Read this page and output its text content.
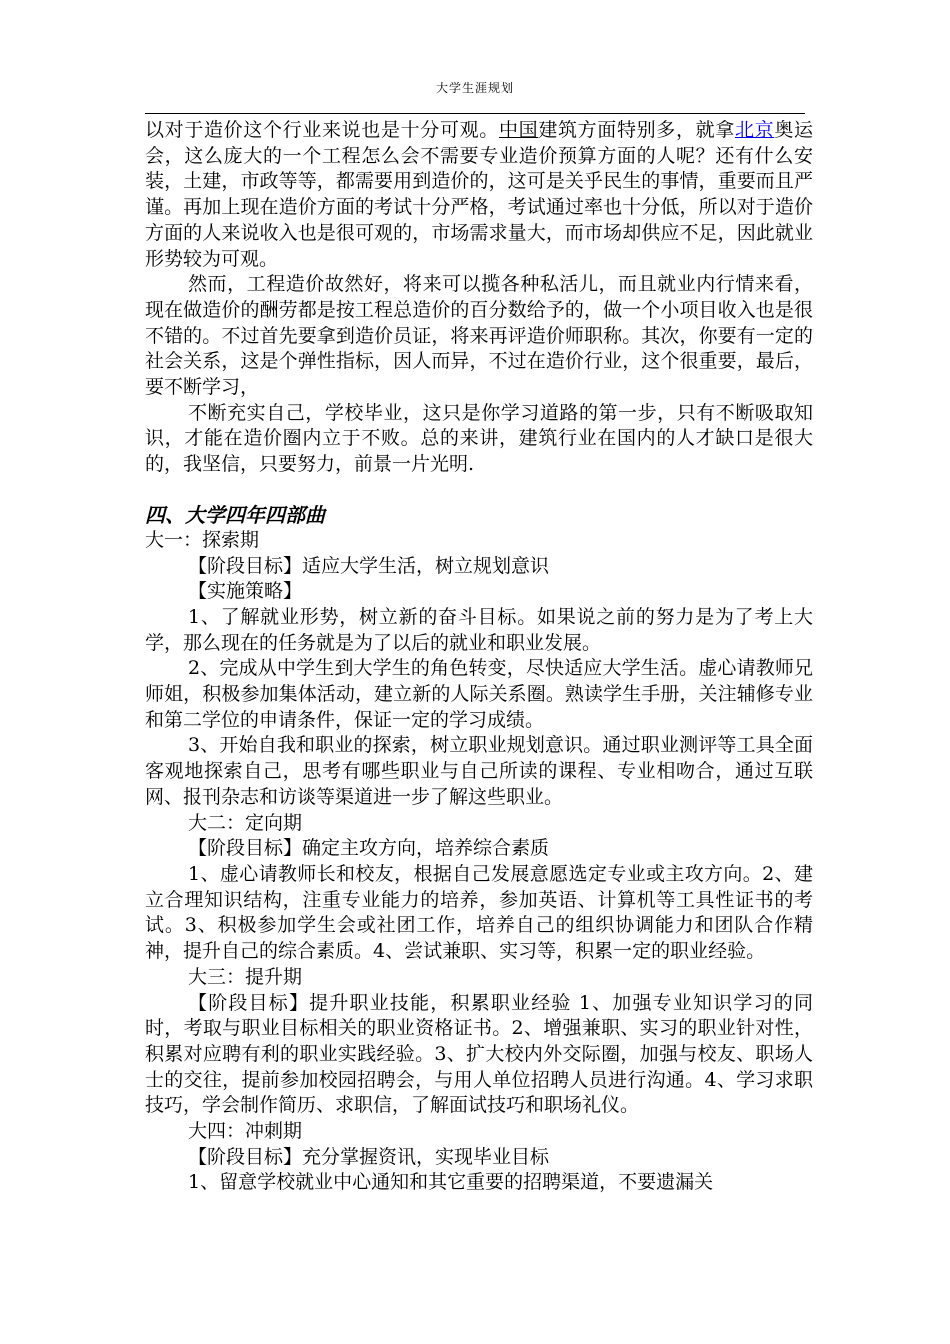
大学生涯规划

以对于造价这个行业来说也是十分可观。中国建筑方面特别多，就拿北京奥运会，这么庞大的一个工程怎么会不需要专业造价预算方面的人呢？还有什么安装，土建，市政等等，都需要用到造价的，这可是关乎民生的事情，重要而且严谨。再加上现在造价方面的考试十分严格，考试通过率也十分低，所以对于造价　方面的人来说收入也是很可观的，市场需求量大，而市场却供应不足，因此就业形势较为可观。

然而，工程造价故然好，将来可以揽各种私活儿，而且就业内行情来看，现在做造价的酬劳都是按工程总造价的百分数给予的，做一个小项目收入也是很不错的。不过首先要拿到造价员证，将来再评造价师职称。其次，你要有一定的社会关系，这是个弹性指标，因人而异，不过在造价行业，这个很重要，最后，要不断学习，

不断充实自己，学校毕业，这只是你学习道路的第一步，只有不断吸取知识，才能在造价圈内立于不败。总的来讲，建筑行业在国内的人才缺口是很大的，我坚信，只要努力，前景一片光明.

四、大学四年四部曲

大一：探索期

【阶段目标】适应大学生活，树立规划意识

【实施策略】

1、了解就业形势，树立新的奋斗目标。如果说之前的努力是为了考上大学，那么现在的任务就是为了以后的就业和职业发展。

2、完成从中学生到大学生的角色转变，尽快适应大学生活。虚心请教师兄师姐，积极参加集体活动，建立新的人际关系圈。熟读学生手册，关注辅修专业和第二学位的申请条件，保证一定的学习成绩。

3、开始自我和职业的探索，树立职业规划意识。通过职业测评等工具全面客观地探索自己，思考有哪些职业与自己所读的课程、专业相吻合，通过互联网、报刊杂志和访谈等渠道进一步了解这些职业。

大二：定向期

【阶段目标】确定主攻方向，培养综合素质

1、虚心请教师长和校友，根据自己发展意愿选定专业或主攻方向。2、建立合理知识结构，注重专业能力的培养，参加英语、计算机等工具性证书的考试。3、积极参加学生会或社团工作，培养自己的组织协调能力和团队合作精神，提升自己的综合素质。4、尝试兼职、实习等，积累一定的职业经验。

大三：提升期

【阶段目标】提升职业技能，积累职业经验 1、加强专业知识学习的同时，考取与职业目标相关的职业资格证书。2、增强兼职、实习的职业针对性，积累对应聘有利的职业实践经验。3、扩大校内外交际圈，加强与校友、职场人士的交往，提前参加校园招聘会，与用人单位招聘人员进行沟通。4、学习求职技巧，学会制作简历、求职信，了解面试技巧和职场礼仪。

大四：冲刺期

【阶段目标】充分掌握资讯，实现毕业目标

1、留意学校就业中心通知和其它重要的招聘渠道，不要遗漏关
